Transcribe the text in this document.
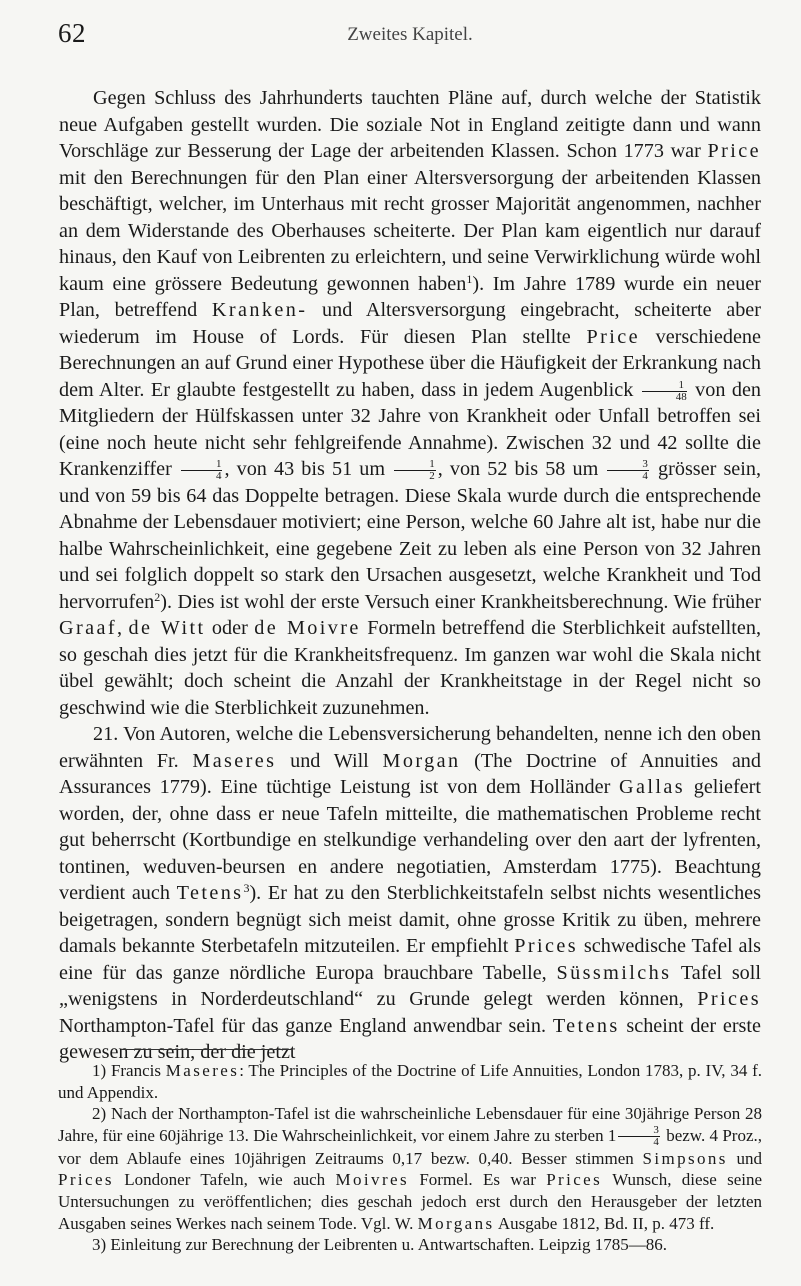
62	Zweites Kapitel.

Gegen Schluss des Jahrhunderts tauchten Pläne auf, durch welche der Statistik neue Aufgaben gestellt wurden. Die soziale Not in England zeitigte dann und wann Vorschläge zur Besserung der Lage der arbeitenden Klassen. Schon 1773 war Price mit den Berechnungen für den Plan einer Altersversorgung der arbeitenden Klassen beschäftigt, welcher, im Unterhaus mit recht grosser Majorität angenommen, nachher an dem Widerstande des Oberhauses scheiterte. Der Plan kam eigentlich nur darauf hinaus, den Kauf von Leibrenten zu erleichtern, und seine Verwirklichung würde wohl kaum eine grössere Bedeutung gewonnen haben$^1$). Im Jahre 1789 wurde ein neuer Plan, betreffend Kranken- und Altersversorgung eingebracht, scheiterte aber wiederum im House of Lords. Für diesen Plan stellte Price verschiedene Berechnungen an auf Grund einer Hypothese über die Häufigkeit der Erkrankung nach dem Alter. Er glaubte festgestellt zu haben, dass in jedem Augenblick $\frac{1}{48}$ von den Mitgliedern der Hülfskassen unter 32 Jahre von Krankheit oder Unfall betroffen sei (eine noch heute nicht sehr fehlgreifende Annahme). Zwischen 32 und 42 sollte die Krankenziffer $\frac{1}{4}$ , von 43 bis 51 um $\frac{1}{2}$ , von 52 bis 58 um $\frac{3}{4}$ grösser sein, und von 59 bis 64 das Doppelte betragen. Diese Skala wurde durch die entsprechende Abnahme der Lebensdauer motiviert; eine Person, welche 60 Jahre alt ist, habe nur die halbe Wahrscheinlichkeit, eine gegebene Zeit zu leben als eine Person von 32 Jahren und sei folglich doppelt so stark den Ursachen ausgesetzt, welche Krankheit und Tod hervorrufen$^2$). Dies ist wohl der erste Versuch einer Krankheitsberechnung. Wie früher Graaf, de Witt oder de Moivre Formeln betreffend die Sterblichkeit aufstellten, so geschah dies jetzt für die Krankheitsfrequenz. Im ganzen war wohl die Skala nicht übel gewählt; doch scheint die Anzahl der Krankheitstage in der Regel nicht so geschwind wie die Sterblichkeit zuzunehmen.

21. Von Autoren, welche die Lebensversicherung behandelten, nenne ich den oben erwähnten Fr. Maseres und Will Morgan (The Doctrine of Annuities and Assurances 1779). Eine tüchtige Leistung ist von dem Holländer Gallas geliefert worden, der, ohne dass er neue Tafeln mitteilte, die mathematischen Probleme recht gut beherrscht (Kortbundige en stelkundige verhandeling over den aart der lyfrenten, tontinen, weduven-beursen en andere negotiatien, Amsterdam 1775). Beachtung verdient auch Tetens$^3$). Er hat zu den Sterblichkeitstafeln selbst nichts wesentliches beigetragen, sondern begnügt sich meist damit, ohne grosse Kritik zu üben, mehrere damals bekannte Sterbetafeln mitzuteilen. Er empfiehlt Prices schwedische Tafel als eine für das ganze nördliche Europa brauchbare Tabelle, Süssmilchs Tafel soll „wenigstens in Norderdeutschland“ zu Grunde gelegt werden können, Prices Northampton-Tafel für das ganze England anwendbar sein. Tetens scheint der erste gewesen zu sein, der die jetzt

1) Francis Maseres: The Principles of the Doctrine of Life Annuities, London 1783, p. IV, 34 f. und Appendix.

2) Nach der Northampton-Tafel ist die wahrscheinliche Lebensdauer für eine 30jährige Person 28 Jahre, für eine 60jährige 13. Die Wahrscheinlichkeit, vor einem Jahre zu sterben $1 \frac{3}{4}$ bezw. 4 Proz., vor dem Ablaufe eines 10jährigen Zeitraums 0,17 bezw. 0,40. Besser stimmen Simpsons und Prices Londoner Tafeln, wie auch Moivres Formel. Es war Prices Wunsch, diese seine Untersuchungen zu veröffentlichen; dies geschah jedoch erst durch den Herausgeber der letzten Ausgaben seines Werkes nach seinem Tode. Vgl. W. Morgans Ausgabe 1812, Bd. II, p. 473 ff.

3) Einleitung zur Berechnung der Leibrenten u. Antwartschaften. Leipzig 1785—86.
